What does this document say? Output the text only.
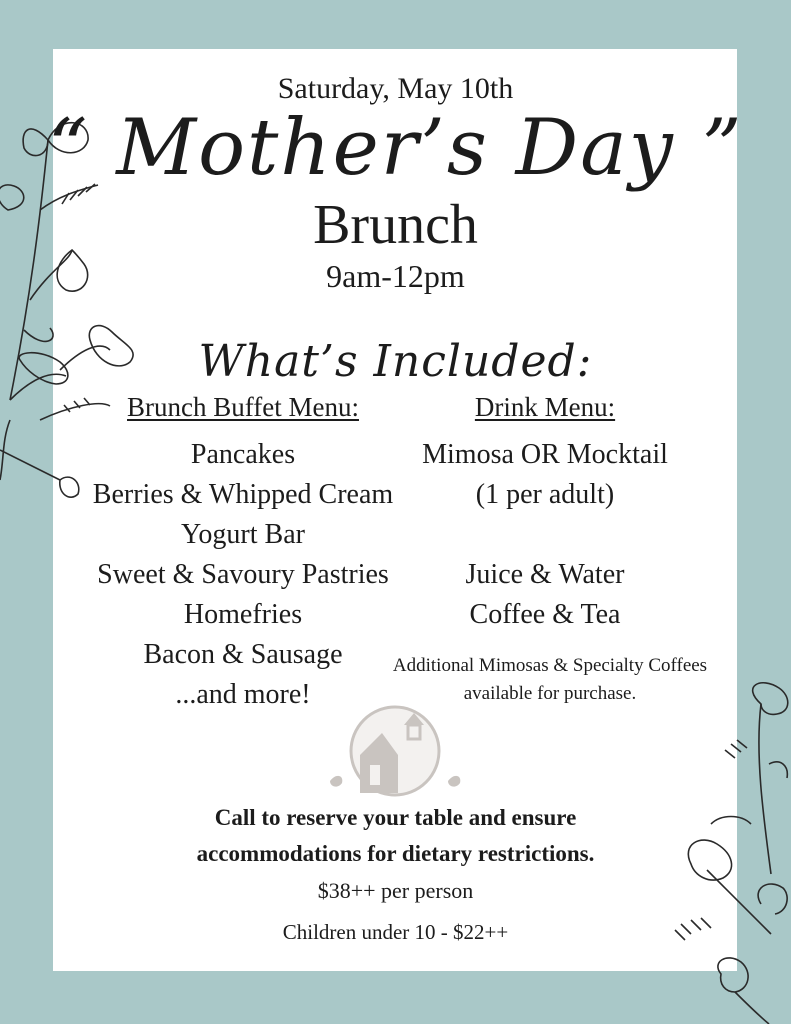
Saturday, May 10th
“ Mother’s Day ”
Brunch
9am-12pm
What’s Included:
Brunch Buffet Menu:
Pancakes
Berries & Whipped Cream
Yogurt Bar
Sweet & Savoury Pastries
Homefries
Bacon & Sausage
...and more!
Drink Menu:
Mimosa OR Mocktail
(1 per adult)
Juice & Water
Coffee & Tea
Additional Mimosas & Specialty Coffees
available for purchase.
Call to reserve your table and ensure
accommodations for dietary restrictions.
$38++ per person
Children under 10 - $22++
